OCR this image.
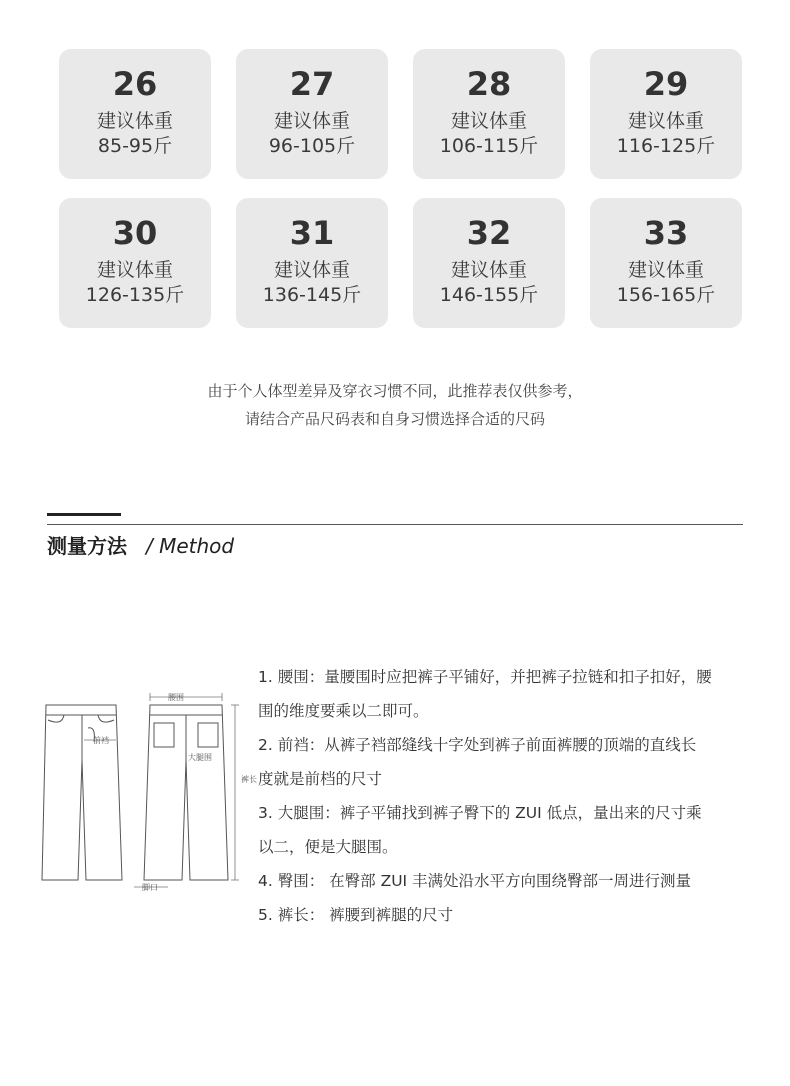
26
建议体重
85-95斤
27
建议体重
96-105斤
28
建议体重
106-115斤
29
建议体重
116-125斤
30
建议体重
126-135斤
31
建议体重
136-145斤
32
建议体重
146-155斤
33
建议体重
156-165斤
由于个人体型差异及穿衣习惯不同，此推荐表仅供参考，
请结合产品尺码表和自身习惯选择合适的尺码
测量方法 / Method
腰围
前裆
大腿围
裤长
脚口

1. 腰围：量腰围时应把裤子平铺好，并把裤子拉链和扣子扣好，腰

围的维度要乘以二即可。

2. 前裆：从裤子裆部缝线十字处到裤子前面裤腰的顶端的直线长

度就是前档的尺寸

3. 大腿围：裤子平铺找到裤子臀下的 ZUI 低点，量出来的尺寸乘

以二，便是大腿围。

4. 臀围： 在臀部 ZUI 丰满处沿水平方向围绕臀部一周进行测量

5. 裤长： 裤腰到裤腿的尺寸
